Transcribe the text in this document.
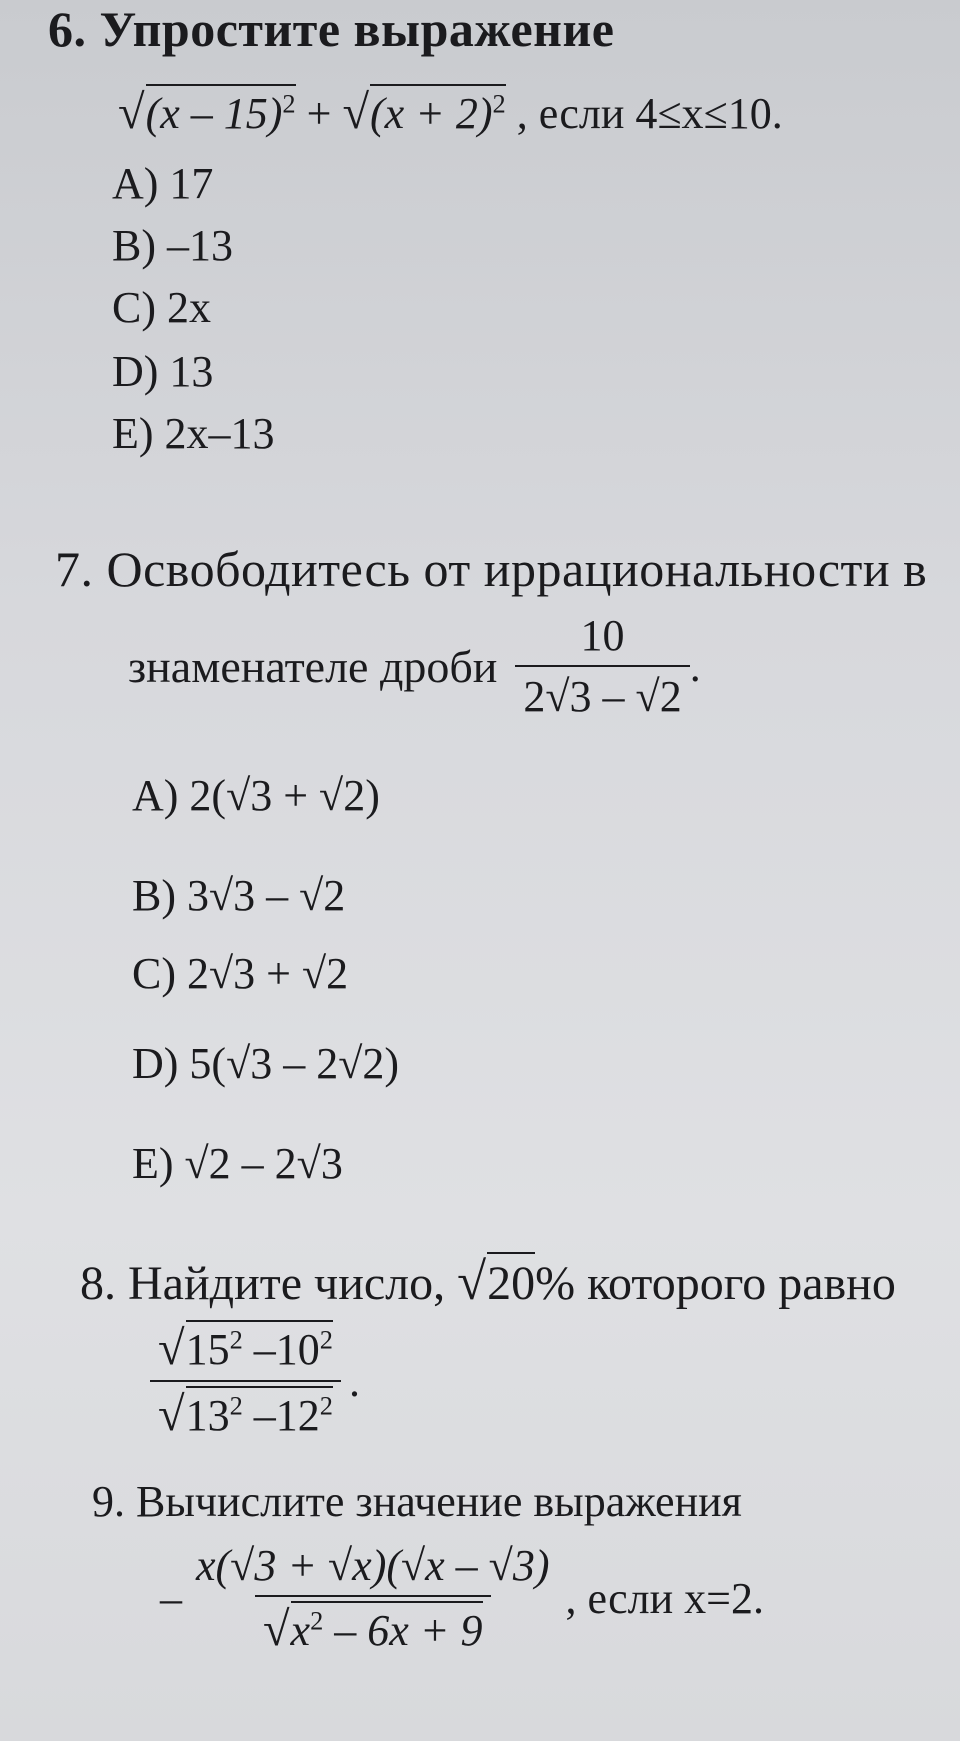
6. Упростите выражение
$√(x - 15)^2 + √(x + 2)^2$ , если 4≤x≤10.
A) 17
B) –13
C) 2x
D) 13
E) 2x–13
7. Освободитесь от иррациональности в
знаменателе дроби $\frac{10}{2√3 - √2}$ .
A) 2(√3 + √2)
B) 3√3 – √2
C) 2√3 + √2
D) 5(√3 – 2√2)
E) √2 – 2√3
8. Найдите число, √20% которого равно
$\frac{√15^2 -10^2}{√13^2 -12^2}$ .
9. Вычислите значение выражения
– $\frac{x(√3 + √x)(√x - √3)}{√x^2 - 6x + 9}$ , если x=2.
